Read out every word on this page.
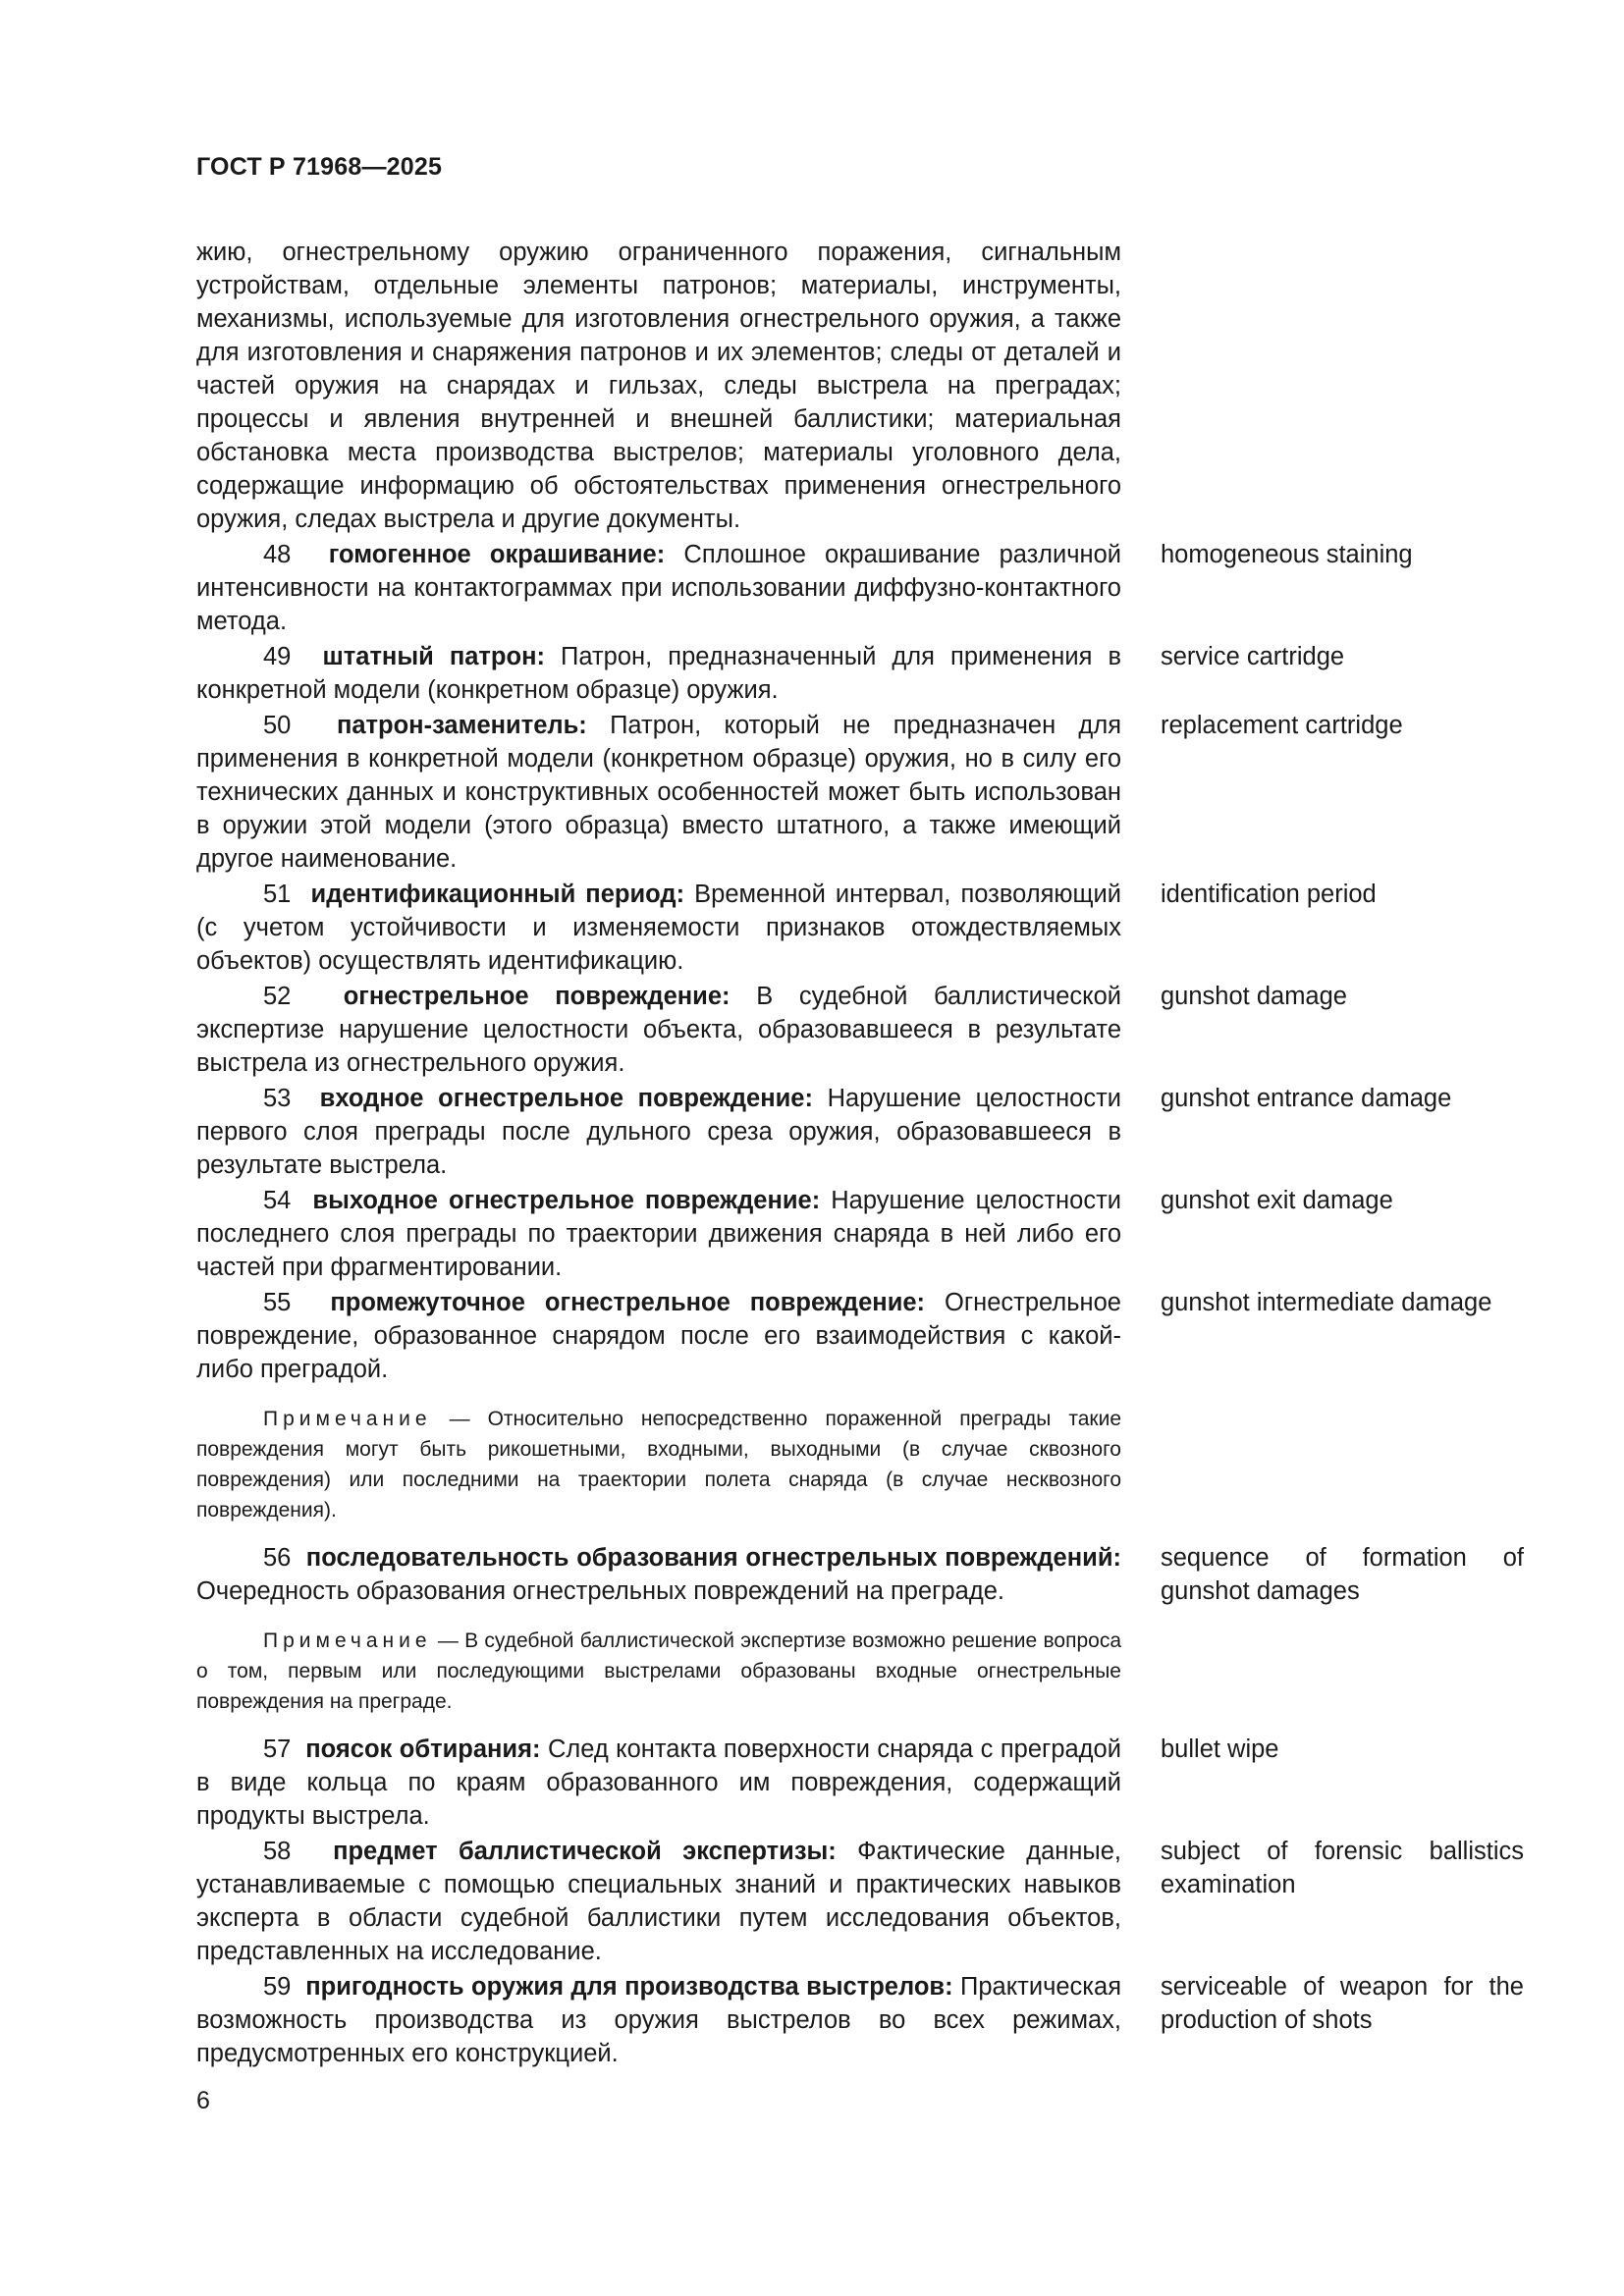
ГОСТ Р 71968—2025
жию, огнестрельному оружию ограниченного поражения, сигнальным устройствам, отдельные элементы патронов; материалы, инструменты, механизмы, используемые для изготовления огнестрельного оружия, а также для изготовления и снаряжения патронов и их элементов; следы от деталей и частей оружия на снарядах и гильзах, следы выстрела на преградах; процессы и явления внутренней и внешней баллистики; материальная обстановка места производства выстрелов; материалы уголовного дела, содержащие информацию об обстоятельствах применения огнестрельного оружия, следах выстрела и другие документы.
48 гомогенное окрашивание: Сплошное окрашивание различной интенсивности на контактограммах при использовании диффузно-контактного метода.
homogeneous staining
49 штатный патрон: Патрон, предназначенный для применения в конкретной модели (конкретном образце) оружия.
service cartridge
50 патрон-заменитель: Патрон, который не предназначен для применения в конкретной модели (конкретном образце) оружия, но в силу его технических данных и конструктивных особенностей может быть использован в оружии этой модели (этого образца) вместо штатного, а также имеющий другое наименование.
replacement cartridge
51 идентификационный период: Временной интервал, позволяющий (с учетом устойчивости и изменяемости признаков отождествляемых объектов) осуществлять идентификацию.
identification period
52 огнестрельное повреждение: В судебной баллистической экспертизе нарушение целостности объекта, образовавшееся в результате выстрела из огнестрельного оружия.
gunshot damage
53 входное огнестрельное повреждение: Нарушение целостности первого слоя преграды после дульного среза оружия, образовавшееся в результате выстрела.
gunshot entrance damage
54 выходное огнестрельное повреждение: Нарушение целостности последнего слоя преграды по траектории движения снаряда в ней либо его частей при фрагментировании.
gunshot exit damage
55 промежуточное огнестрельное повреждение: Огнестрельное повреждение, образованное снарядом после его взаимодействия с какой-либо преградой.
gunshot intermediate damage
Примечание — Относительно непосредственно пораженной преграды такие повреждения могут быть рикошетными, входными, выходными (в случае сквозного повреждения) или последними на траектории полета снаряда (в случае несквозного повреждения).
56 последовательность образования огнестрельных повреждений: Очередность образования огнестрельных повреждений на преграде.
sequence of formation of gunshot damages
Примечание — В судебной баллистической экспертизе возможно решение вопроса о том, первым или последующими выстрелами образованы входные огнестрельные повреждения на преграде.
57 поясок обтирания: След контакта поверхности снаряда с преградой в виде кольца по краям образованного им повреждения, содержащий продукты выстрела.
bullet wipe
58 предмет баллистической экспертизы: Фактические данные, устанавливаемые с помощью специальных знаний и практических навыков эксперта в области судебной баллистики путем исследования объектов, представленных на исследование.
subject of forensic ballistics examination
59 пригодность оружия для производства выстрелов: Практическая возможность производства из оружия выстрелов во всех режимах, предусмотренных его конструкцией.
serviceable of weapon for the production of shots
6
